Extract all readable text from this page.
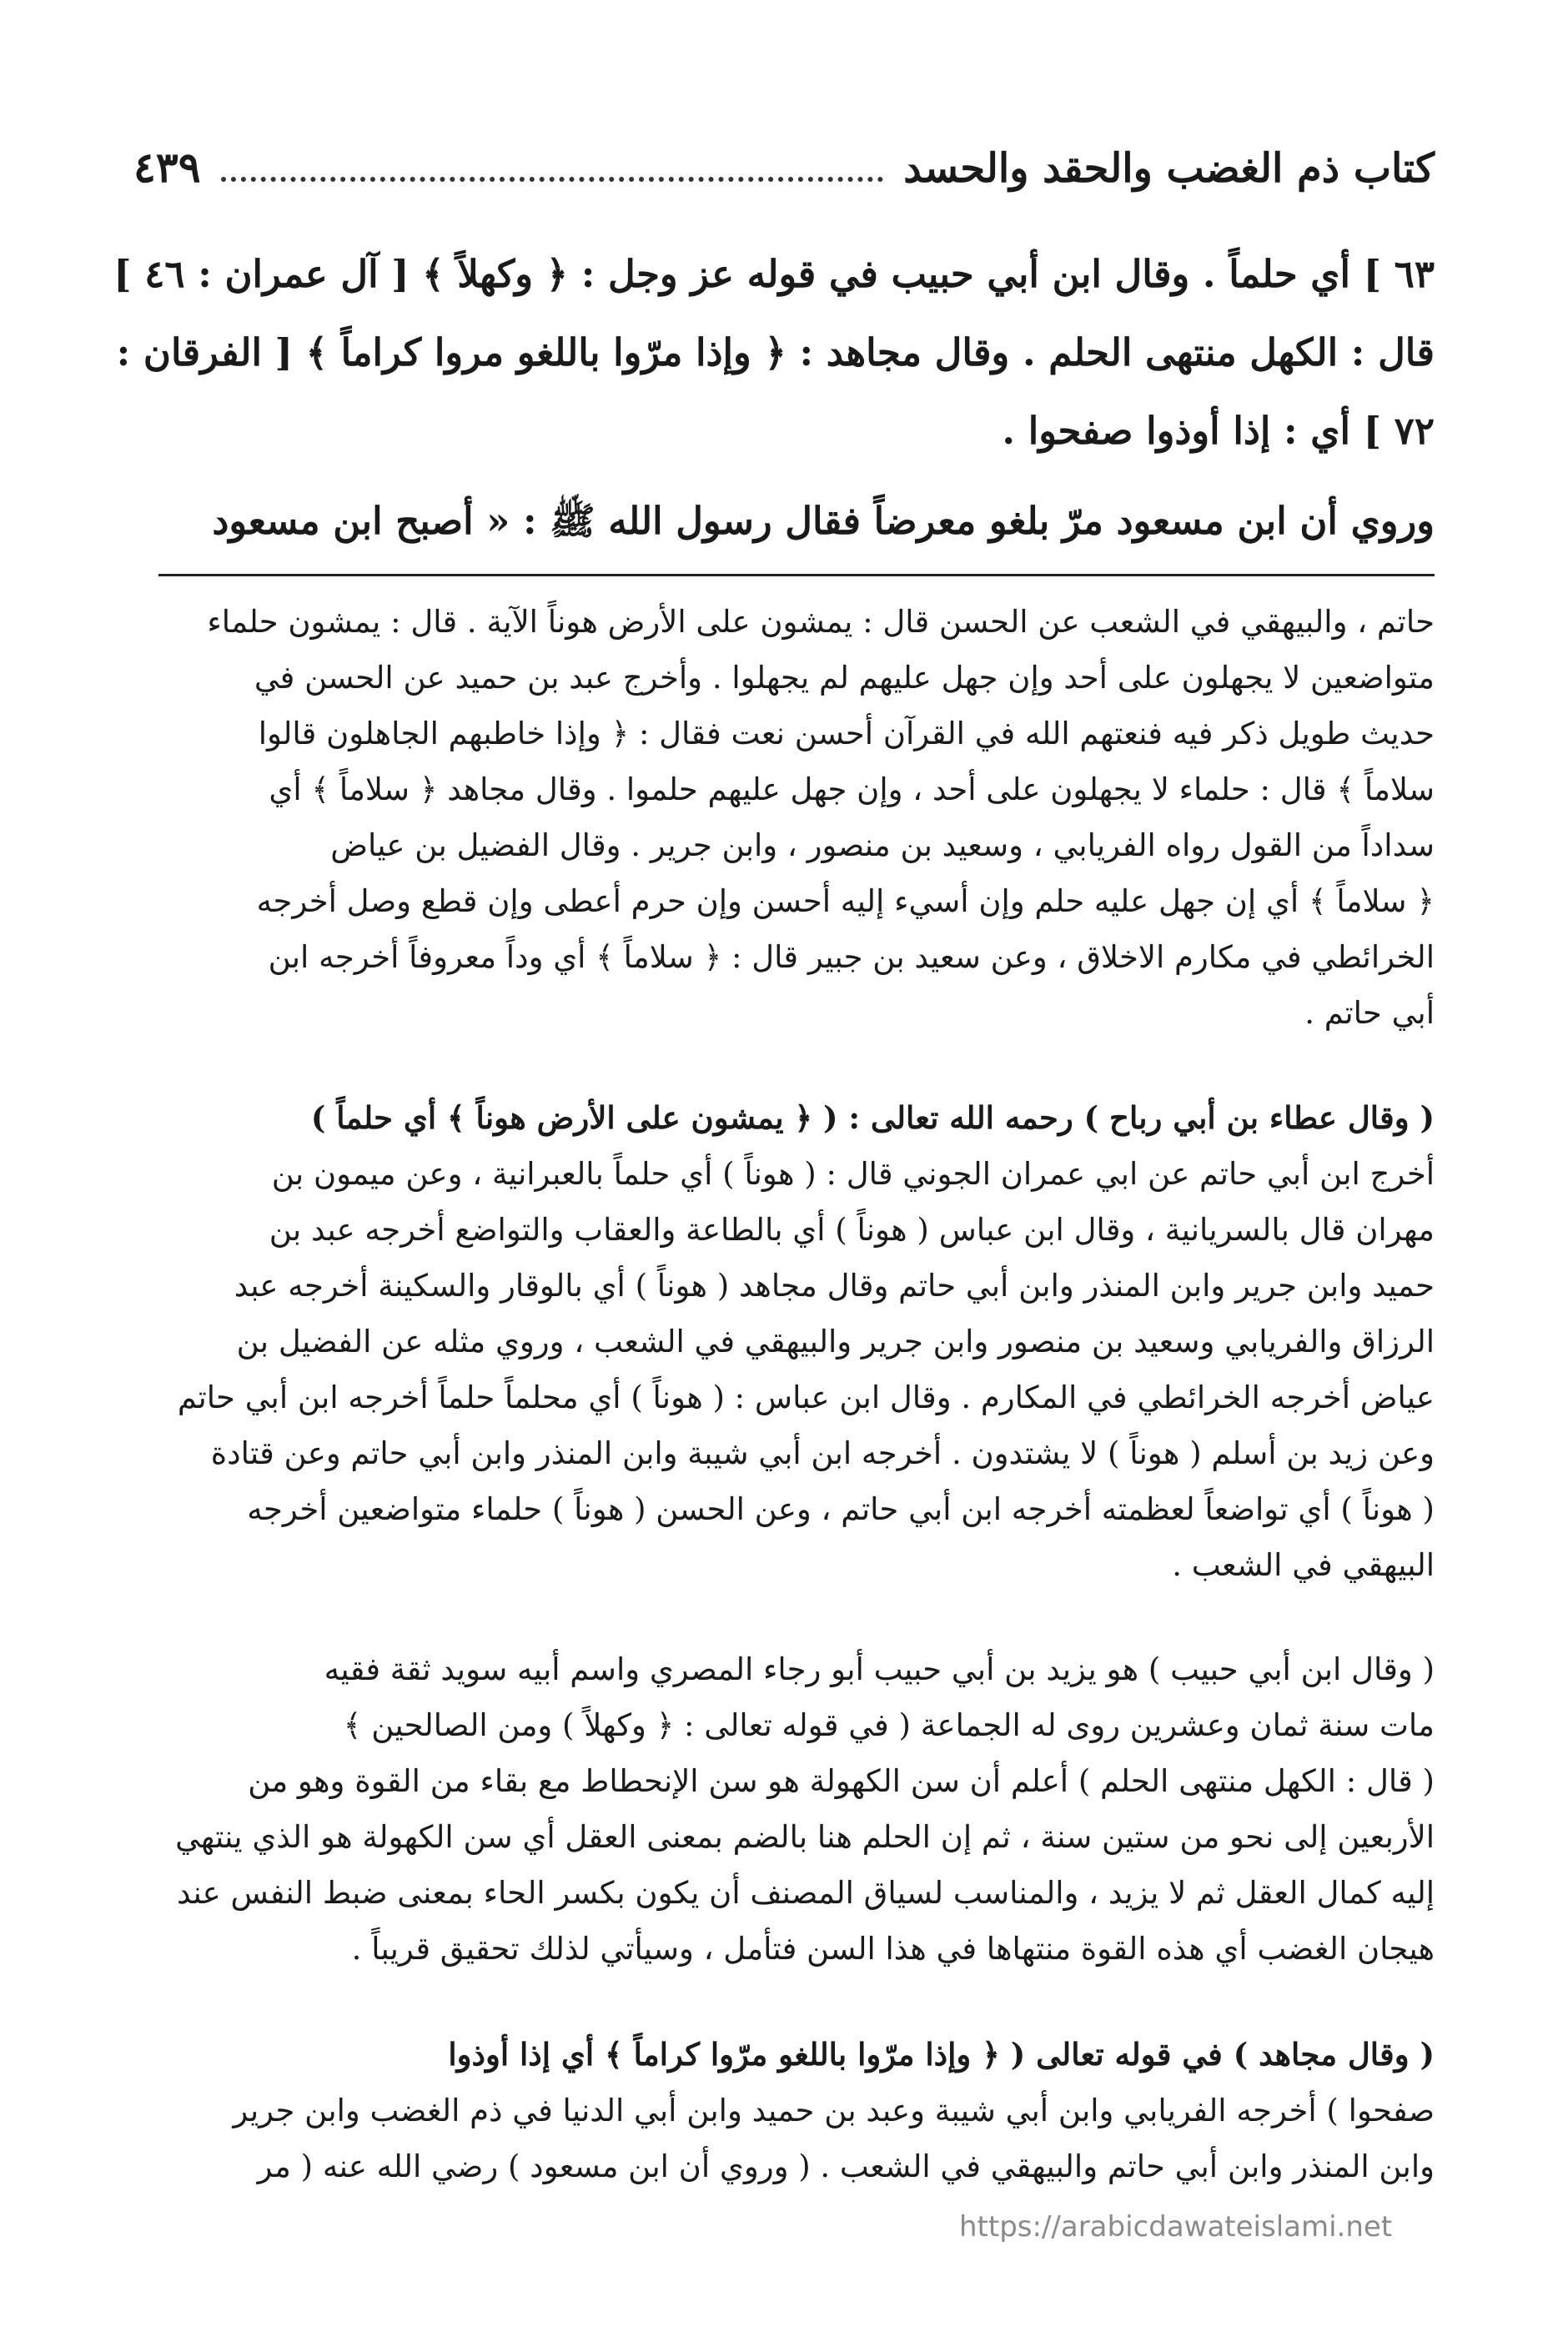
كتاب ذم الغضب والحقد والحسد
٤٣٩
٦٣ ] أي حلماً . وقال ابن أبي حبيب في قوله عز وجل : ﴿ وكهلاً ﴾ [ آل عمران : ٤٦ ]
قال : الكهل منتهى الحلم . وقال مجاهد : ﴿ وإذا مرّوا باللغو مروا كراماً ﴾ [ الفرقان :
٧٢ ] أي : إذا أوذوا صفحوا .
وروي أن ابن مسعود مرّ بلغو معرضاً فقال رسول الله ﷺ : « أصبح ابن مسعود
حاتم ، والبيهقي في الشعب عن الحسن قال : يمشون على الأرض هوناً الآية . قال : يمشون حلماء
متواضعين لا يجهلون على أحد وإن جهل عليهم لم يجهلوا . وأخرج عبد بن حميد عن الحسن في
حديث طويل ذكر فيه فنعتهم الله في القرآن أحسن نعت فقال : ﴿ وإذا خاطبهم الجاهلون قالوا
سلاماً ﴾ قال : حلماء لا يجهلون على أحد ، وإن جهل عليهم حلموا . وقال مجاهد ﴿ سلاماً ﴾ أي
سداداً من القول رواه الفريابي ، وسعيد بن منصور ، وابن جرير . وقال الفضيل بن عياض
﴿ سلاماً ﴾ أي إن جهل عليه حلم وإن أسيء إليه أحسن وإن حرم أعطى وإن قطع وصل أخرجه
الخرائطي في مكارم الاخلاق ، وعن سعيد بن جبير قال : ﴿ سلاماً ﴾ أي وداً معروفاً أخرجه ابن
أبي حاتم .
( وقال عطاء بن أبي رباح ) رحمه الله تعالى : ( ﴿ يمشون على الأرض هوناً ﴾ أي حلماً )
أخرج ابن أبي حاتم عن ابي عمران الجوني قال : ( هوناً ) أي حلماً بالعبرانية ، وعن ميمون بن
مهران قال بالسريانية ، وقال ابن عباس ( هوناً ) أي بالطاعة والعقاب والتواضع أخرجه عبد بن
حميد وابن جرير وابن المنذر وابن أبي حاتم وقال مجاهد ( هوناً ) أي بالوقار والسكينة أخرجه عبد
الرزاق والفريابي وسعيد بن منصور وابن جرير والبيهقي في الشعب ، وروي مثله عن الفضيل بن
عياض أخرجه الخرائطي في المكارم . وقال ابن عباس : ( هوناً ) أي محلماً حلماً أخرجه ابن أبي حاتم
وعن زيد بن أسلم ( هوناً ) لا يشتدون . أخرجه ابن أبي شيبة وابن المنذر وابن أبي حاتم وعن قتادة
( هوناً ) أي تواضعاً لعظمته أخرجه ابن أبي حاتم ، وعن الحسن ( هوناً ) حلماء متواضعين أخرجه
البيهقي في الشعب .
( وقال ابن أبي حبيب ) هو يزيد بن أبي حبيب أبو رجاء المصري واسم أبيه سويد ثقة فقيه
مات سنة ثمان وعشرين روى له الجماعة ( في قوله تعالى : ﴿ وكهلاً ) ومن الصالحين ﴾
( قال : الكهل منتهى الحلم ) أعلم أن سن الكهولة هو سن الإنحطاط مع بقاء من القوة وهو من
الأربعين إلى نحو من ستين سنة ، ثم إن الحلم هنا بالضم بمعنى العقل أي سن الكهولة هو الذي ينتهي
إليه كمال العقل ثم لا يزيد ، والمناسب لسياق المصنف أن يكون بكسر الحاء بمعنى ضبط النفس عند
هيجان الغضب أي هذه القوة منتهاها في هذا السن فتأمل ، وسيأتي لذلك تحقيق قريباً .
( وقال مجاهد ) في قوله تعالى ( ﴿ وإذا مرّوا باللغو مرّوا كراماً ﴾ أي إذا أوذوا
صفحوا ) أخرجه الفريابي وابن أبي شيبة وعبد بن حميد وابن أبي الدنيا في ذم الغضب وابن جرير
وابن المنذر وابن أبي حاتم والبيهقي في الشعب . ( وروي أن ابن مسعود ) رضي الله عنه ( مر
https://arabicdawateislami.net
